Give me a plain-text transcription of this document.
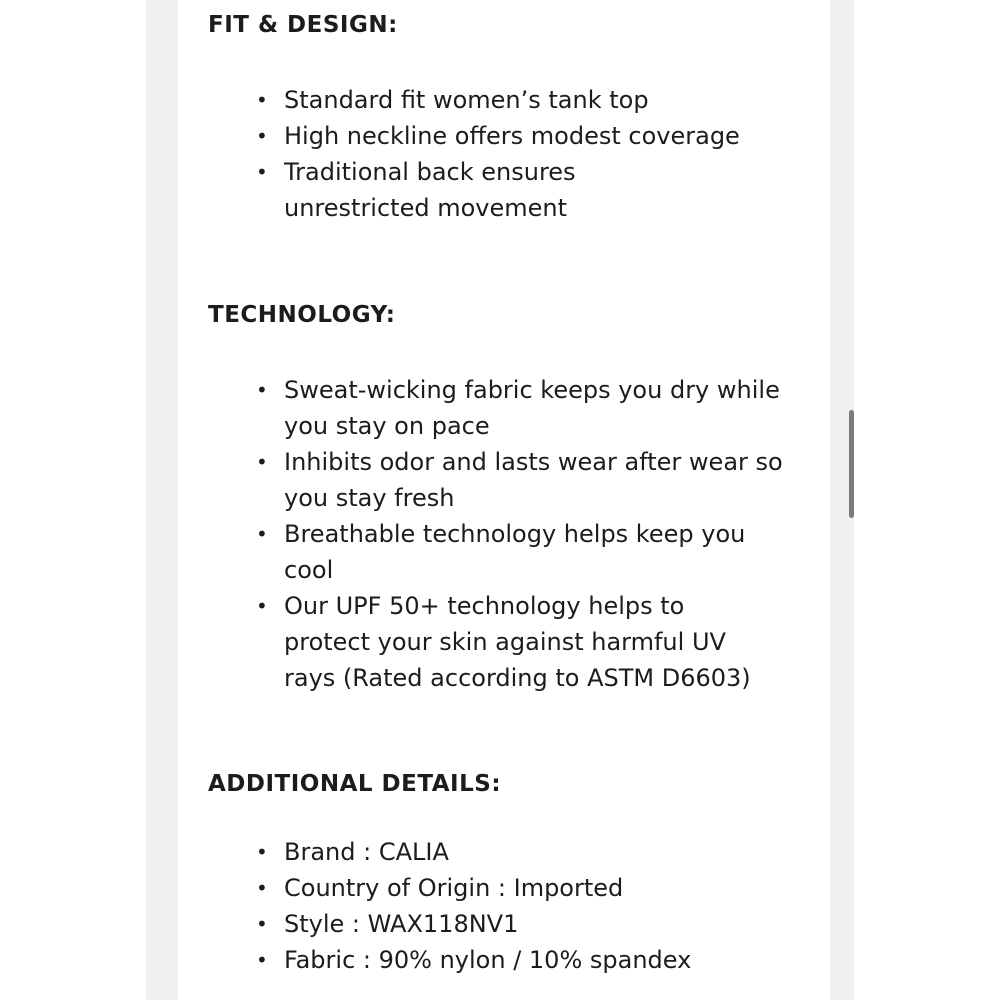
FIT & DESIGN:
• Standard fit women’s tank top
• High neckline offers modest coverage
• Traditional back ensures unrestricted movement
TECHNOLOGY:
• Sweat-wicking fabric keeps you dry while you stay on pace
• Inhibits odor and lasts wear after wear so you stay fresh
• Breathable technology helps keep you cool
• Our UPF 50+ technology helps to protect your skin against harmful UV rays (Rated according to ASTM D6603)
ADDITIONAL DETAILS:
• Brand : CALIA
• Country of Origin : Imported
• Style : WAX118NV1
• Fabric : 90% nylon / 10% spandex
